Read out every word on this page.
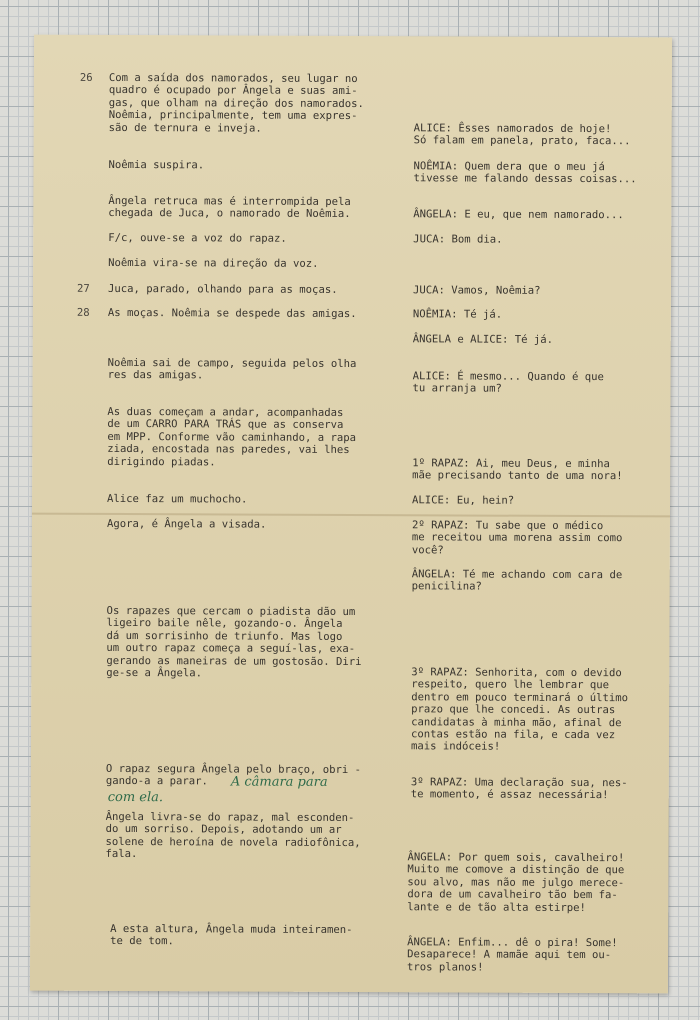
26

27

28

Com a saída dos namorados, seu lugar no
quadro é ocupado por Ângela e suas ami-
gas, que olham na direção dos namorados.
Noêmia, principalmente, tem uma expres-
são de ternura e inveja.

Noêmia suspira.

Ângela retruca mas é interrompida pela
chegada de Juca, o namorado de Noêmia.

F/c, ouve-se a voz do rapaz.

Noêmia vira-se na direção da voz.

Juca, parado, olhando para as moças.

As moças. Noêmia se despede das amigas.

Noêmia sai de campo, seguida pelos olha
res das amigas.

As duas começam a andar, acompanhadas
de um CARRO PARA TRÁS que as conserva
em MPP. Conforme vão caminhando, a rapa
ziada, encostada nas paredes, vai lhes
dirigindo piadas.

Alice faz um muchocho.

Agora, é Ângela a visada.

Os rapazes que cercam o piadista dão um
ligeiro baile nêle, gozando-o. Ângela
dá um sorrisinho de triunfo. Mas logo
um outro rapaz começa a seguí-las, exa-
gerando as maneiras de um gostosão. Diri
ge-se a Ângela.

O rapaz segura Ângela pelo braço, obri -
gando-a a parar.	A câmara para

com ela.

Ângela livra-se do rapaz, mal esconden-
do um sorriso. Depois, adotando um ar
solene de heroína de novela radiofônica,
fala.

A esta altura, Ângela muda inteiramen-
te de tom.

ALICE: Êsses namorados de hoje!
Só falam em panela, prato, faca...

NOÊMIA: Quem dera que o meu já
tivesse me falando dessas coisas...

ÂNGELA: E eu, que nem namorado...

JUCA: Bom dia.

JUCA: Vamos, Noêmia?

NOÊMIA: Té já.

ÂNGELA e ALICE: Té já.

ALICE: É mesmo... Quando é que
tu arranja um?

1º RAPAZ: Ai, meu Deus, e minha
mãe precisando tanto de uma nora!

ALICE: Eu, hein?

2º RAPAZ: Tu sabe que o médico
me receitou uma morena assim como
você?

ÂNGELA: Té me achando com cara de
penicilina?

3º RAPAZ: Senhorita, com o devido
respeito, quero lhe lembrar que
dentro em pouco terminará o último
prazo que lhe concedi. As outras
candidatas à minha mão, afinal de
contas estão na fila, e cada vez
mais indóceis!

3º RAPAZ: Uma declaração sua, nes-
te momento, é assaz necessária!

ÂNGELA: Por quem sois, cavalheiro!
Muito me comove a distinção de que
sou alvo, mas não me julgo merece-
dora de um cavalheiro tão bem fa-
lante e de tão alta estirpe!

ÂNGELA: Enfim... dê o pira! Some!
Desaparece! A mamãe aqui tem ou-
tros planos!
